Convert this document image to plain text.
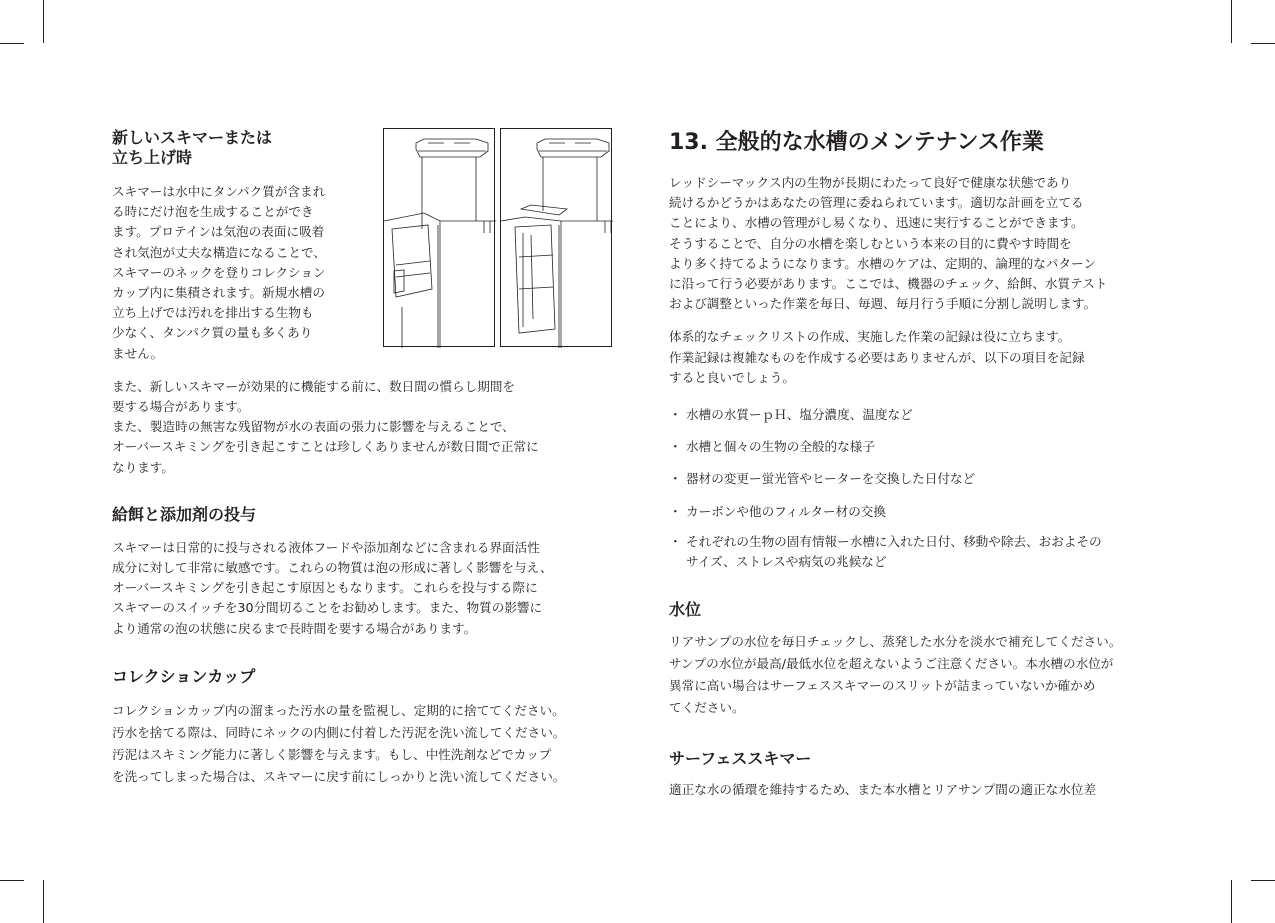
新しいスキマーまたは
立ち上げ時

スキマーは水中にタンパク質が含まれ
る時にだけ泡を生成することができ
ます。プロテインは気泡の表面に吸着
され気泡が丈夫な構造になることで、
スキマーのネックを登りコレクション
カップ内に集積されます。新規水槽の
立ち上げでは汚れを排出する生物も
少なく、タンパク質の量も多くあり
ません。

また、新しいスキマーが効果的に機能する前に、数日間の慣らし期間を
要する場合があります。
また、製造時の無害な残留物が水の表面の張力に影響を与えることで、
オーバースキミングを引き起こすことは珍しくありませんが数日間で正常に
なります。

給餌と添加剤の投与

スキマーは日常的に投与される液体フードや添加剤などに含まれる界面活性
成分に対して非常に敏感です。これらの物質は泡の形成に著しく影響を与え、
オーバースキミングを引き起こす原因ともなります。これらを投与する際に
スキマーのスイッチを30分間切ることをお勧めします。また、物質の影響に
より通常の泡の状態に戻るまで長時間を要する場合があります。

コレクションカップ

コレクションカップ内の溜まった汚水の量を監視し、定期的に捨ててください。
汚水を捨てる際は、同時にネックの内側に付着した汚泥を洗い流してください。
汚泥はスキミング能力に著しく影響を与えます。もし、中性洗剤などでカップ
を洗ってしまった場合は、スキマーに戻す前にしっかりと洗い流してください。

13. 全般的な水槽のメンテナンス作業

レッドシーマックス内の生物が長期にわたって良好で健康な状態であり
続けるかどうかはあなたの管理に委ねられています。適切な計画を立てる
ことにより、水槽の管理がし易くなり、迅速に実行することができます。
そうすることで、自分の水槽を楽しむという本来の目的に費やす時間を
より多く持てるようになります。水槽のケアは、定期的、論理的なパターン
に沿って行う必要があります。ここでは、機器のチェック、給餌、水質テスト
および調整といった作業を毎日、毎週、毎月行う手順に分割し説明します。

体系的なチェックリストの作成、実施した作業の記録は役に立ちます。
作業記録は複雑なものを作成する必要はありませんが、以下の項目を記録
すると良いでしょう。

・ 水槽の水質ーｐＨ、塩分濃度、温度など
・ 水槽と個々の生物の全般的な様子
・ 器材の変更ー蛍光管やヒーターを交換した日付など
・ カーボンや他のフィルター材の交換
・ それぞれの生物の固有情報ー水槽に入れた日付、移動や除去、おおよその
サイズ、ストレスや病気の兆候など
水位

リアサンプの水位を毎日チェックし、蒸発した水分を淡水で補充してください。
サンプの水位が最高/最低水位を超えないようご注意ください。本水槽の水位が
異常に高い場合はサーフェススキマーのスリットが詰まっていないか確かめ
てください。

サーフェススキマー

適正な水の循環を維持するため、また本水槽とリアサンプ間の適正な水位差
